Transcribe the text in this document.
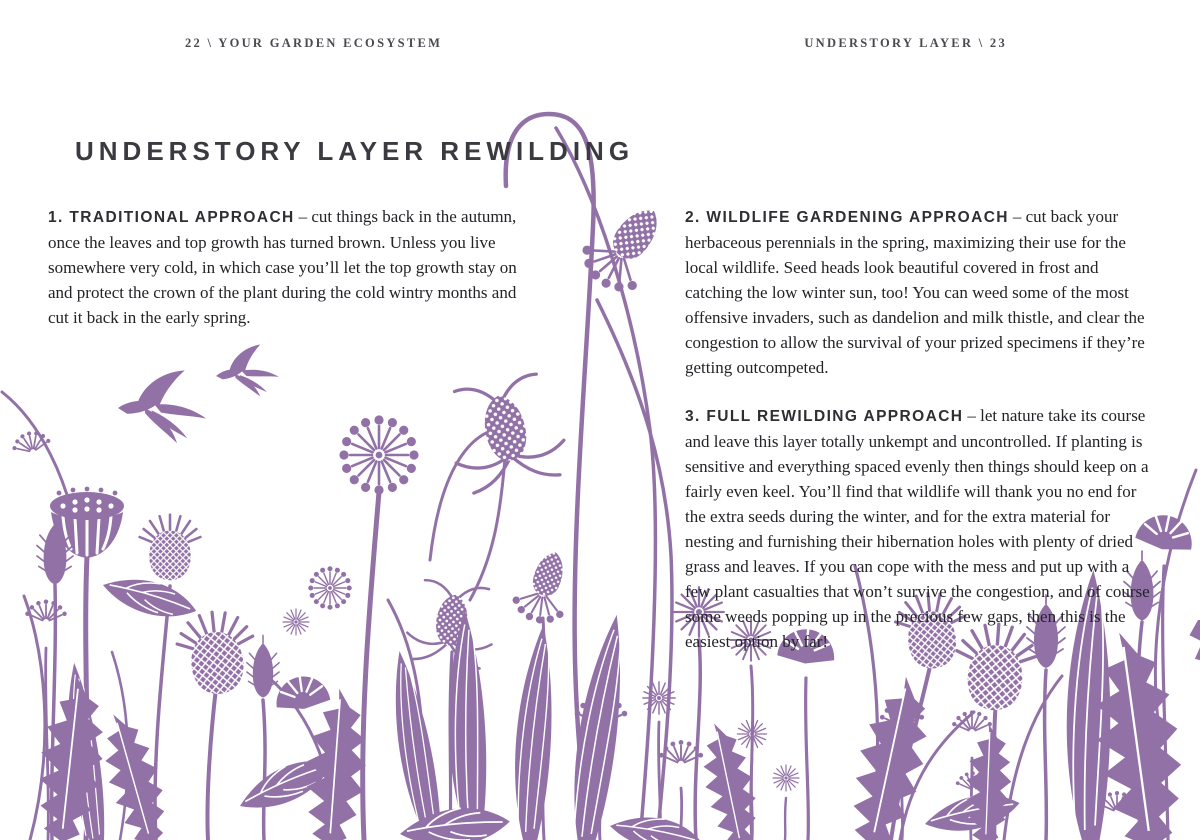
22 \ YOUR GARDEN ECOSYSTEM	UNDERSTORY LAYER \ 23
UNDERSTORY LAYER REWILDING

1. TRADITIONAL APPROACH – cut things back in the autumn, once the leaves and top growth has turned brown. Unless you live somewhere very cold, in which case you’ll let the top growth stay on and protect the crown of the plant during the cold wintry months and cut it back in the early spring.

2. WILDLIFE GARDENING APPROACH – cut back your herbaceous perennials in the spring, maximizing their use for the local wildlife. Seed heads look beautiful covered in frost and catching the low winter sun, too! You can weed some of the most offensive invaders, such as dandelion and milk thistle, and clear the congestion to allow the survival of your prized specimens if they’re getting outcompeted.

3. FULL REWILDING APPROACH – let nature take its course and leave this layer totally unkempt and uncontrolled. If planting is sensitive and everything spaced evenly then things should keep on a fairly even keel. You’ll find that wildlife will thank you no end for the extra seeds during the winter, and for the extra material for nesting and furnishing their hibernation holes with plenty of dried grass and leaves. If you can cope with the mess and put up with a few plant casualties that won’t survive the congestion, and of course some weeds popping up in the precious few gaps, then this is the easiest option by far!
